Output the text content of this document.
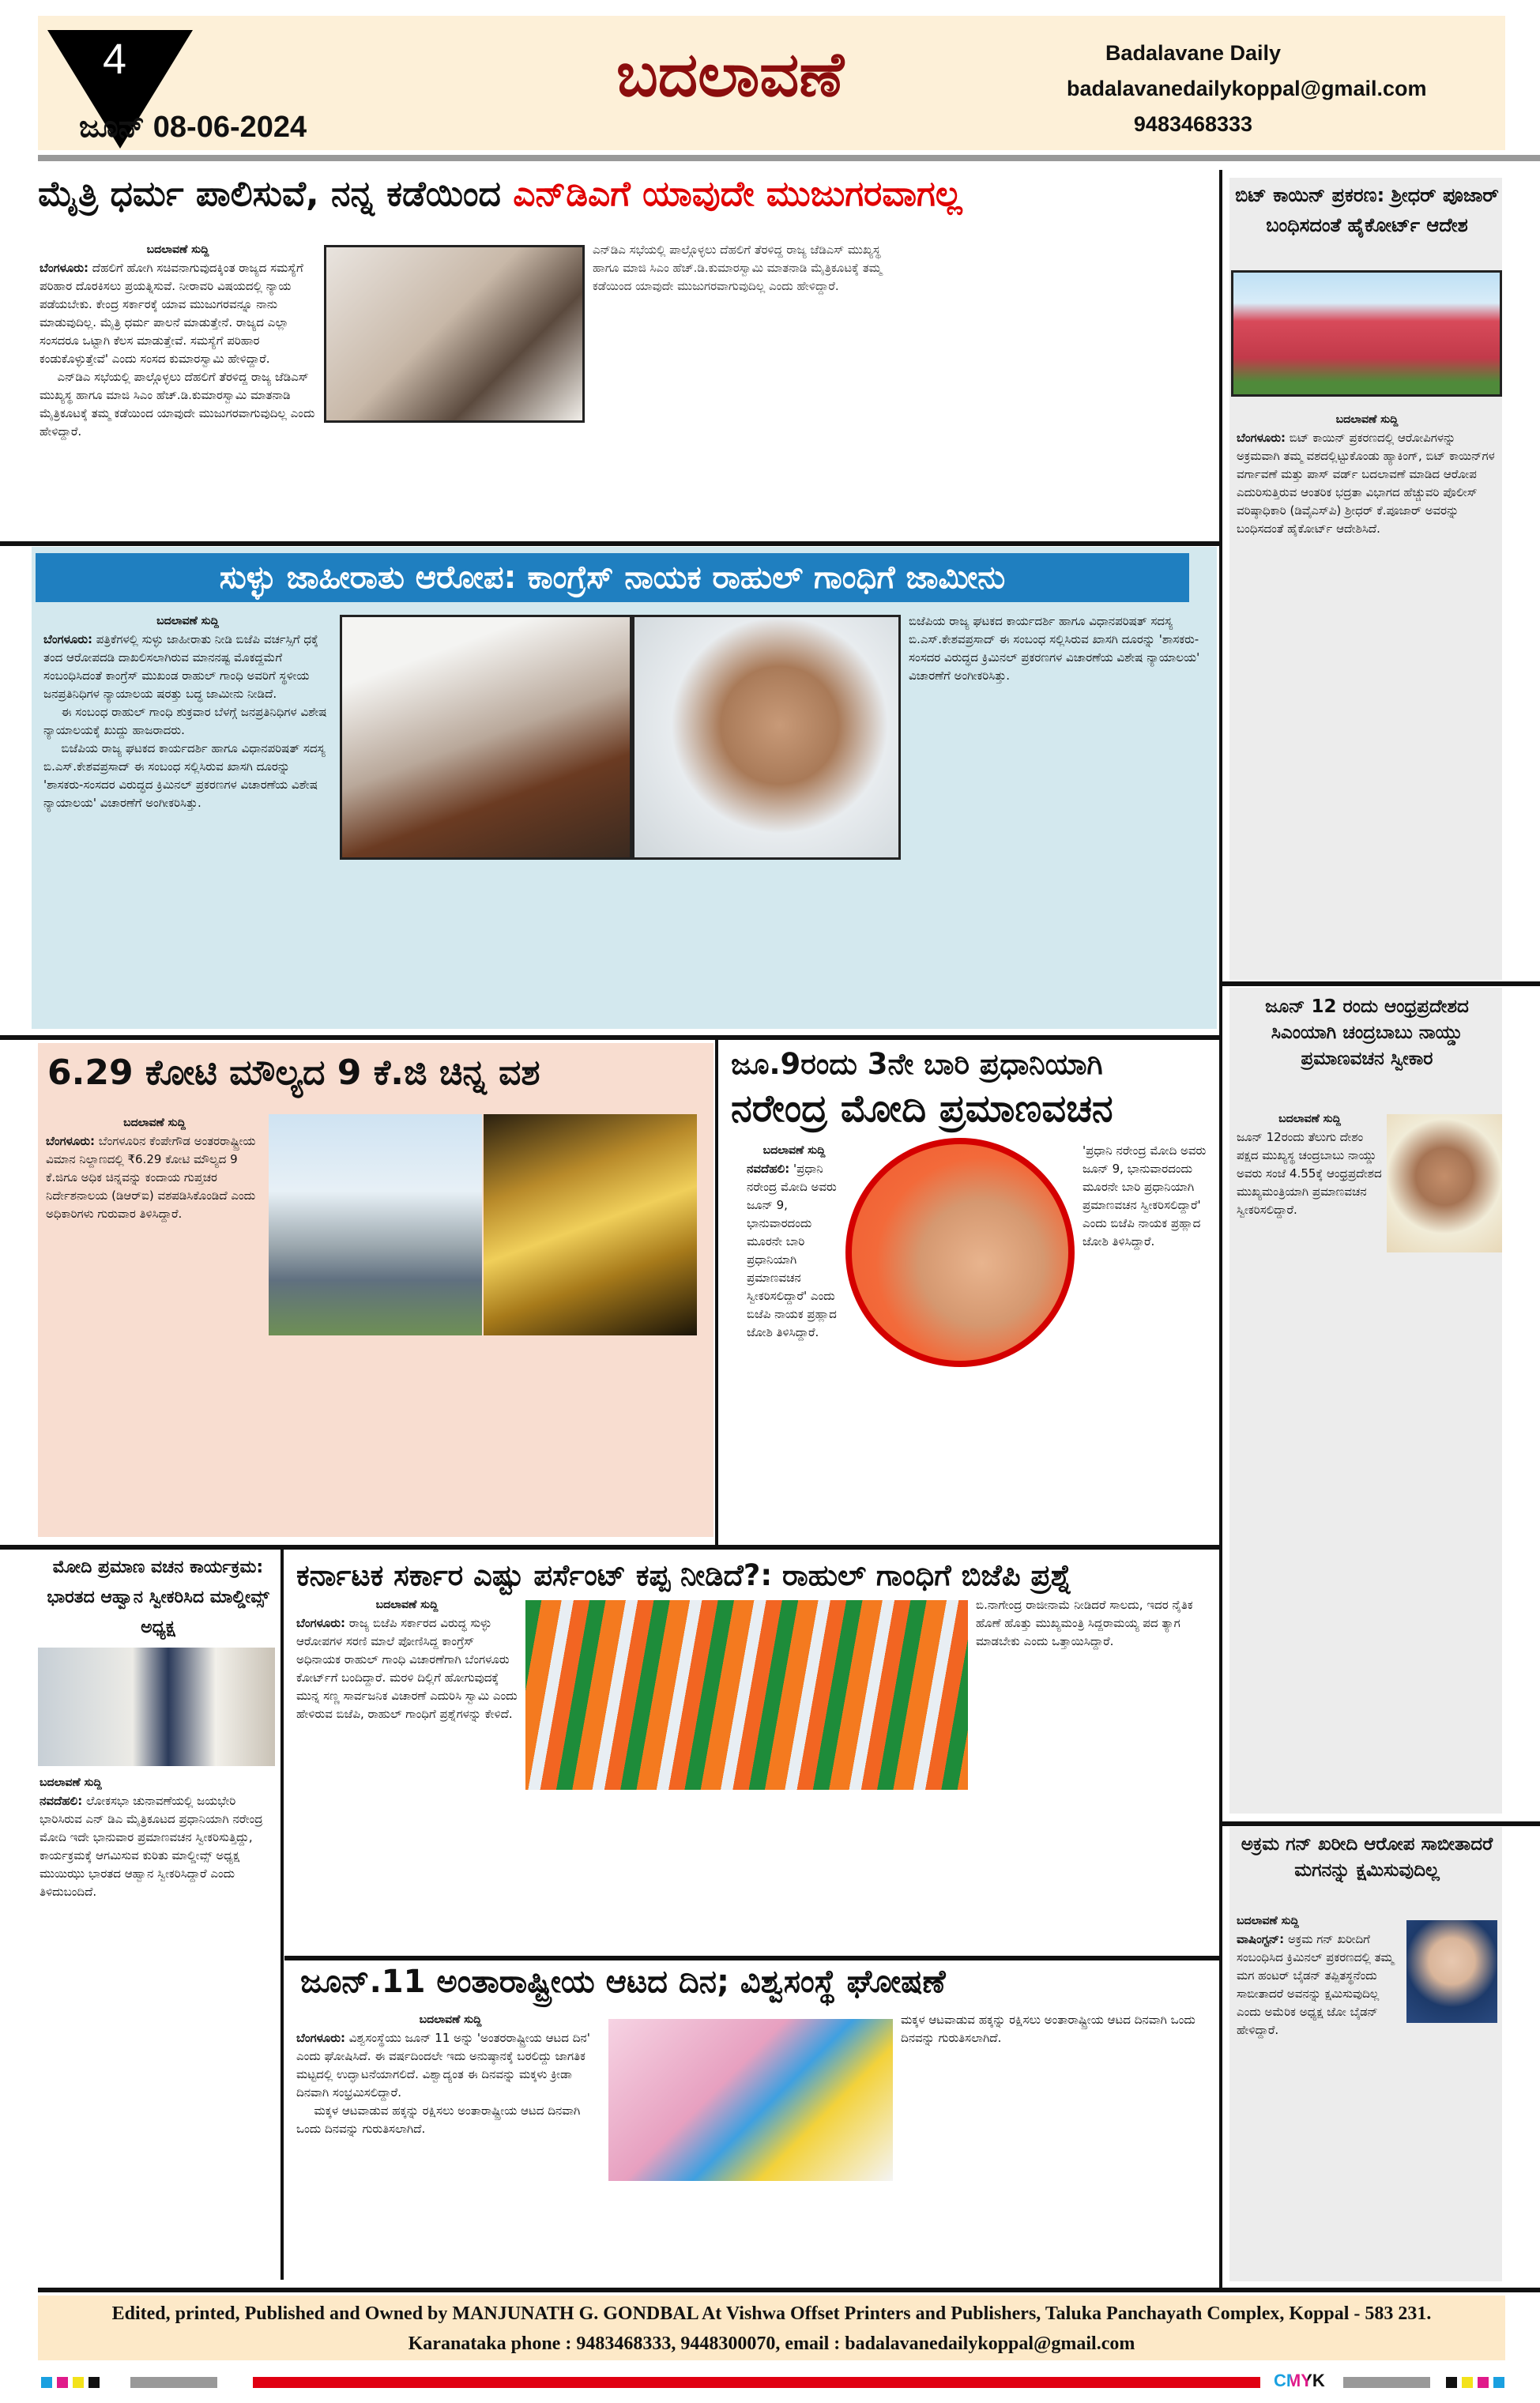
4
ಜೂನ್ 08-06-2024
ಬದಲಾವಣೆ	Badalavane Daily
badalavanedailykoppal@gmail.com
9483468333
ಮೈತ್ರಿ ಧರ್ಮ ಪಾಲಿಸುವೆ, ನನ್ನ ಕಡೆಯಿಂದ ಎನ್‌ಡಿಎಗೆ ಯಾವುದೇ ಮುಜುಗರವಾಗಲ್ಲ
ಬದಲಾವಣೆ ಸುದ್ದಿ

ಬೆಂಗಳೂರು: ದೆಹಲಿಗೆ ಹೋಗಿ ಸಚಿವನಾಗುವುದಕ್ಕಿಂತ ರಾಜ್ಯದ ಸಮಸ್ಯೆಗೆ ಪರಿಹಾರ ದೊರಕಿಸಲು ಪ್ರಯತ್ನಿಸುವೆ. ನೀರಾವರಿ ವಿಷಯದಲ್ಲಿ ನ್ಯಾಯ ಪಡೆಯಬೇಕು. ಕೇಂದ್ರ ಸರ್ಕಾರಕ್ಕೆ ಯಾವ ಮುಜುಗರವನ್ನೂ ನಾನು ಮಾಡುವುದಿಲ್ಲ. ಮೈತ್ರಿ ಧರ್ಮ ಪಾಲನೆ ಮಾಡುತ್ತೇನೆ. ರಾಜ್ಯದ ಎಲ್ಲಾ ಸಂಸದರೂ ಒಟ್ಟಾಗಿ ಕೆಲಸ ಮಾಡುತ್ತೇವೆ. ಸಮಸ್ಯೆಗೆ ಪರಿಹಾರ ಕಂಡುಕೊಳ್ಳುತ್ತೇವೆ' ಎಂದು ಸಂಸದ ಕುಮಾರಸ್ವಾಮಿ ಹೇಳಿದ್ದಾರೆ.

ಎನ್‌ಡಿಎ ಸಭೆಯಲ್ಲಿ ಪಾಲ್ಗೊಳ್ಳಲು ದೆಹಲಿಗೆ ತೆರಳಿದ್ದ ರಾಜ್ಯ ಜೆಡಿಎಸ್ ಮುಖ್ಯಸ್ಥ ಹಾಗೂ ಮಾಜಿ ಸಿಎಂ ಹೆಚ್.ಡಿ.ಕುಮಾರಸ್ವಾಮಿ ಮಾತನಾಡಿ ಮೈತ್ರಿಕೂಟಕ್ಕೆ ತಮ್ಮ ಕಡೆಯಿಂದ ಯಾವುದೇ ಮುಜುಗರವಾಗುವುದಿಲ್ಲ ಎಂದು ಹೇಳಿದ್ದಾರೆ.

ಎನ್‌ಡಿಎ ಸಭೆಯಲ್ಲಿ ಪಾಲ್ಗೊಳ್ಳಲು ದೆಹಲಿಗೆ ತೆರಳಿದ್ದ ರಾಜ್ಯ ಜೆಡಿಎಸ್ ಮುಖ್ಯಸ್ಥ ಹಾಗೂ ಮಾಜಿ ಸಿಎಂ ಹೆಚ್.ಡಿ.ಕುಮಾರಸ್ವಾಮಿ ಮಾತನಾಡಿ ಮೈತ್ರಿಕೂಟಕ್ಕೆ ತಮ್ಮ ಕಡೆಯಿಂದ ಯಾವುದೇ ಮುಜುಗರವಾಗುವುದಿಲ್ಲ ಎಂದು ಹೇಳಿದ್ದಾರೆ.

ಸುಳ್ಳು ಜಾಹೀರಾತು ಆರೋಪ: ಕಾಂಗ್ರೆಸ್ ನಾಯಕ ರಾಹುಲ್ ಗಾಂಧಿಗೆ ಜಾಮೀನು
ಬದಲಾವಣೆ ಸುದ್ದಿ

ಬೆಂಗಳೂರು: ಪತ್ರಿಕೆಗಳಲ್ಲಿ ಸುಳ್ಳು ಜಾಹೀರಾತು ನೀಡಿ ಬಿಜೆಪಿ ವರ್ಚಸ್ಸಿಗೆ ಧಕ್ಕೆ ತಂದ ಆರೋಪದಡಿ ದಾಖಲಿಸಲಾಗಿರುವ ಮಾನನಷ್ಟ ಮೊಕದ್ದಮೆಗೆ ಸಂಬಂಧಿಸಿದಂತೆ ಕಾಂಗ್ರೆಸ್ ಮುಖಂಡ ರಾಹುಲ್ ಗಾಂಧಿ ಅವರಿಗೆ ಸ್ಥಳೀಯ ಜನಪ್ರತಿನಿಧಿಗಳ ನ್ಯಾಯಾಲಯ ಷರತ್ತು ಬದ್ಧ ಜಾಮೀನು ನೀಡಿದೆ.

ಈ ಸಂಬಂಧ ರಾಹುಲ್ ಗಾಂಧಿ ಶುಕ್ರವಾರ ಬೆಳಗ್ಗೆ ಜನಪ್ರತಿನಿಧಿಗಳ ವಿಶೇಷ ನ್ಯಾಯಾಲಯಕ್ಕೆ ಖುದ್ದು ಹಾಜರಾದರು.

ಬಿಜೆಪಿಯ ರಾಜ್ಯ ಘಟಕದ ಕಾರ್ಯದರ್ಶಿ ಹಾಗೂ ವಿಧಾನಪರಿಷತ್ ಸದಸ್ಯ ಬಿ.ಎಸ್.ಕೇಶವಪ್ರಸಾದ್ ಈ ಸಂಬಂಧ ಸಲ್ಲಿಸಿರುವ ಖಾಸಗಿ ದೂರನ್ನು 'ಶಾಸಕರು-ಸಂಸದರ ವಿರುದ್ಧದ ಕ್ರಿಮಿನಲ್ ಪ್ರಕರಣಗಳ ವಿಚಾರಣೆಯ ವಿಶೇಷ ನ್ಯಾಯಾಲಯ' ವಿಚಾರಣೆಗೆ ಅಂಗೀಕರಿಸಿತ್ತು.

ಬಿಜೆಪಿಯ ರಾಜ್ಯ ಘಟಕದ ಕಾರ್ಯದರ್ಶಿ ಹಾಗೂ ವಿಧಾನಪರಿಷತ್ ಸದಸ್ಯ ಬಿ.ಎಸ್.ಕೇಶವಪ್ರಸಾದ್ ಈ ಸಂಬಂಧ ಸಲ್ಲಿಸಿರುವ ಖಾಸಗಿ ದೂರನ್ನು 'ಶಾಸಕರು-ಸಂಸದರ ವಿರುದ್ಧದ ಕ್ರಿಮಿನಲ್ ಪ್ರಕರಣಗಳ ವಿಚಾರಣೆಯ ವಿಶೇಷ ನ್ಯಾಯಾಲಯ' ವಿಚಾರಣೆಗೆ ಅಂಗೀಕರಿಸಿತ್ತು.

6.29 ಕೋಟಿ ಮೌಲ್ಯದ 9 ಕೆ.ಜಿ ಚಿನ್ನ ವಶ
ಬದಲಾವಣೆ ಸುದ್ದಿ

ಬೆಂಗಳೂರು: ಬೆಂಗಳೂರಿನ ಕೆಂಪೇಗೌಡ ಅಂತರರಾಷ್ಟ್ರೀಯ ವಿಮಾನ ನಿಲ್ದಾಣದಲ್ಲಿ ₹6.29 ಕೋಟಿ ಮೌಲ್ಯದ 9 ಕೆ.ಜಿಗೂ ಅಧಿಕ ಚಿನ್ನವನ್ನು ಕಂದಾಯ ಗುಪ್ತಚರ ನಿರ್ದೇಶನಾಲಯ (ಡಿಆರ್‌ಐ) ವಶಪಡಿಸಿಕೊಂಡಿದೆ ಎಂದು ಅಧಿಕಾರಿಗಳು ಗುರುವಾರ ತಿಳಿಸಿದ್ದಾರೆ.

ಜೂ.9ರಂದು 3ನೇ ಬಾರಿ ಪ್ರಧಾನಿಯಾಗಿ
ನರೇಂದ್ರ ಮೋದಿ ಪ್ರಮಾಣವಚನ
ಬದಲಾವಣೆ ಸುದ್ದಿ

ನವದೆಹಲಿ: 'ಪ್ರಧಾನಿ ನರೇಂದ್ರ ಮೋದಿ ಅವರು ಜೂನ್ 9, ಭಾನುವಾರದಂದು ಮೂರನೇ ಬಾರಿ ಪ್ರಧಾನಿಯಾಗಿ ಪ್ರಮಾಣವಚನ ಸ್ವೀಕರಿಸಲಿದ್ದಾರೆ' ಎಂದು ಬಿಜೆಪಿ ನಾಯಕ ಪ್ರಹ್ಲಾದ ಜೋಶಿ ತಿಳಿಸಿದ್ದಾರೆ.

'ಪ್ರಧಾನಿ ನರೇಂದ್ರ ಮೋದಿ ಅವರು ಜೂನ್ 9, ಭಾನುವಾರದಂದು ಮೂರನೇ ಬಾರಿ ಪ್ರಧಾನಿಯಾಗಿ ಪ್ರಮಾಣವಚನ ಸ್ವೀಕರಿಸಲಿದ್ದಾರೆ' ಎಂದು ಬಿಜೆಪಿ ನಾಯಕ ಪ್ರಹ್ಲಾದ ಜೋಶಿ ತಿಳಿಸಿದ್ದಾರೆ.

ಮೋದಿ ಪ್ರಮಾಣ ವಚನ ಕಾರ್ಯಕ್ರಮ: ಭಾರತದ ಆಹ್ವಾನ ಸ್ವೀಕರಿಸಿದ ಮಾಲ್ಡೀವ್ಸ್ ಅಧ್ಯಕ್ಷ
ಬದಲಾವಣೆ ಸುದ್ದಿ

ನವದೆಹಲಿ: ಲೋಕಸಭಾ ಚುನಾವಣೆಯಲ್ಲಿ ಜಯಭೇರಿ ಭಾರಿಸಿರುವ ಎನ್ ಡಿಎ ಮೈತ್ರಿಕೂಟದ ಪ್ರಧಾನಿಯಾಗಿ ನರೇಂದ್ರ ಮೋದಿ ಇದೇ ಭಾನುವಾರ ಪ್ರಮಾಣವಚನ ಸ್ವೀಕರಿಸುತ್ತಿದ್ದು, ಕಾರ್ಯಕ್ರಮಕ್ಕೆ ಆಗಮಿಸುವ ಕುರಿತು ಮಾಲ್ಡೀವ್ಸ್ ಅಧ್ಯಕ್ಷ ಮುಯಿಝು ಭಾರತದ ಆಹ್ವಾನ ಸ್ವೀಕರಿಸಿದ್ದಾರೆ ಎಂದು ತಿಳಿದುಬಂದಿದೆ.

ಕರ್ನಾಟಕ ಸರ್ಕಾರ ಎಷ್ಟು ಪರ್ಸೆಂಟ್ ಕಪ್ಪ ನೀಡಿದೆ?: ರಾಹುಲ್ ಗಾಂಧಿಗೆ ಬಿಜೆಪಿ ಪ್ರಶ್ನೆ
ಬದಲಾವಣೆ ಸುದ್ದಿ

ಬೆಂಗಳೂರು: ರಾಜ್ಯ ಬಿಜೆಪಿ ಸರ್ಕಾರದ ವಿರುದ್ಧ ಸುಳ್ಳು ಆರೋಪಗಳ ಸರಣಿ ಮಾಲೆ ಪೋಣಿಸಿದ್ದ ಕಾಂಗ್ರೆಸ್ ಅಧಿನಾಯಕ ರಾಹುಲ್ ಗಾಂಧಿ ವಿಚಾರಣೆಗಾಗಿ ಬೆಂಗಳೂರು ಕೋರ್ಟ್‌ಗೆ ಬಂದಿದ್ದಾರೆ. ಮರಳಿ ದಿಲ್ಲಿಗೆ ಹೋಗುವುದಕ್ಕೆ ಮುನ್ನ ಸಣ್ಣ ಸಾರ್ವಜನಿಕ ವಿಚಾರಣೆ ಎದುರಿಸಿ ಸ್ವಾಮಿ ಎಂದು ಹೇಳಿರುವ ಬಿಜೆಪಿ, ರಾಹುಲ್ ಗಾಂಧಿಗೆ ಪ್ರಶ್ನೆಗಳನ್ನು ಕೇಳಿದೆ.

ಬಿ.ನಾಗೇಂದ್ರ ರಾಜೀನಾಮೆ ನೀಡಿದರೆ ಸಾಲದು, ಇದರ ನೈತಿಕ ಹೊಣೆ ಹೊತ್ತು ಮುಖ್ಯಮಂತ್ರಿ ಸಿದ್ದರಾಮಯ್ಯ ಪದ ತ್ಯಾಗ ಮಾಡಬೇಕು ಎಂದು ಒತ್ತಾಯಿಸಿದ್ದಾರೆ.

ಜೂನ್.11 ಅಂತಾರಾಷ್ಟ್ರೀಯ ಆಟದ ದಿನ; ವಿಶ್ವಸಂಸ್ಥೆ ಘೋಷಣೆ
ಬದಲಾವಣೆ ಸುದ್ದಿ

ಬೆಂಗಳೂರು: ವಿಶ್ವಸಂಸ್ಥೆಯು ಜೂನ್ 11 ಅನ್ನು 'ಅಂತರರಾಷ್ಟ್ರೀಯ ಆಟದ ದಿನ' ಎಂದು ಘೋಷಿಸಿದೆ. ಈ ವರ್ಷದಿಂದಲೇ ಇದು ಅನುಷ್ಠಾನಕ್ಕೆ ಬರಲಿದ್ದು ಜಾಗತಿಕ ಮಟ್ಟದಲ್ಲಿ ಉದ್ಘಾಟನೆಯಾಗಲಿದೆ. ವಿಶ್ವಾದ್ಯಂತ ಈ ದಿನವನ್ನು ಮಕ್ಕಳು ಕ್ರೀಡಾ ದಿನವಾಗಿ ಸಂಭ್ರಮಿಸಲಿದ್ದಾರೆ.

ಮಕ್ಕಳ ಆಟವಾಡುವ ಹಕ್ಕನ್ನು ರಕ್ಷಿಸಲು ಅಂತಾರಾಷ್ಟ್ರೀಯ ಆಟದ ದಿನವಾಗಿ ಒಂದು ದಿನವನ್ನು ಗುರುತಿಸಲಾಗಿದೆ.

ಮಕ್ಕಳ ಆಟವಾಡುವ ಹಕ್ಕನ್ನು ರಕ್ಷಿಸಲು ಅಂತಾರಾಷ್ಟ್ರೀಯ ಆಟದ ದಿನವಾಗಿ ಒಂದು ದಿನವನ್ನು ಗುರುತಿಸಲಾಗಿದೆ.

ಬಿಟ್ ಕಾಯಿನ್ ಪ್ರಕರಣ: ಶ್ರೀಧರ್ ಪೂಜಾರ್ ಬಂಧಿಸದಂತೆ ಹೈಕೋರ್ಟ್ ಆದೇಶ
ಬದಲಾವಣೆ ಸುದ್ದಿ

ಬೆಂಗಳೂರು: ಬಿಟ್ ಕಾಯಿನ್ ಪ್ರಕರಣದಲ್ಲಿ ಆರೋಪಿಗಳನ್ನು ಅಕ್ರಮವಾಗಿ ತಮ್ಮ ವಶದಲ್ಲಿಟ್ಟುಕೊಂಡು ಹ್ಯಾಕಿಂಗ್, ಬಿಟ್ ಕಾಯಿನ್‌ಗಳ ವರ್ಗಾವಣೆ ಮತ್ತು ಪಾಸ್ ವರ್ಡ್ ಬದಲಾವಣೆ ಮಾಡಿದ ಆರೋಪ ಎದುರಿಸುತ್ತಿರುವ ಆಂತರಿಕ ಭದ್ರತಾ ವಿಭಾಗದ ಹೆಚ್ಚುವರಿ ಪೊಲೀಸ್ ವರಿಷ್ಠಾಧಿಕಾರಿ (ಡಿವೈಎಸ್‌ಪಿ) ಶ್ರೀಧರ್ ಕೆ.ಪೂಜಾರ್ ಅವರನ್ನು ಬಂಧಿಸದಂತೆ ಹೈಕೋರ್ಟ್ ಆದೇಶಿಸಿದೆ.

ಜೂನ್ 12 ರಂದು ಆಂಧ್ರಪ್ರದೇಶದ ಸಿಎಂಯಾಗಿ ಚಂದ್ರಬಾಬು ನಾಯ್ಡು ಪ್ರಮಾಣವಚನ ಸ್ವೀಕಾರ
ಬದಲಾವಣೆ ಸುದ್ದಿ

ಜೂನ್ 12ರಂದು ತೆಲುಗು ದೇಶಂ ಪಕ್ಷದ ಮುಖ್ಯಸ್ಥ ಚಂದ್ರಬಾಬು ನಾಯ್ಡು ಅವರು ಸಂಜೆ 4.55ಕ್ಕೆ ಆಂಧ್ರಪ್ರದೇಶದ ಮುಖ್ಯಮಂತ್ರಿಯಾಗಿ ಪ್ರಮಾಣವಚನ ಸ್ವೀಕರಿಸಲಿದ್ದಾರೆ.

ಅಕ್ರಮ ಗನ್ ಖರೀದಿ ಆರೋಪ ಸಾಬೀತಾದರೆ ಮಗನನ್ನು ಕ್ಷಮಿಸುವುದಿಲ್ಲ
ಬದಲಾವಣೆ ಸುದ್ದಿ

ವಾಷಿಂಗ್ಟನ್: ಅಕ್ರಮ ಗನ್ ಖರೀದಿಗೆ ಸಂಬಂಧಿಸಿದ ಕ್ರಿಮಿನಲ್ ಪ್ರಕರಣದಲ್ಲಿ ತಮ್ಮ ಮಗ ಹಂಟರ್ ಬೈಡನ್ ತಪ್ಪಿತಸ್ಥನೆಂದು ಸಾಬೀತಾದರೆ ಅವನನ್ನು ಕ್ಷಮಿಸುವುದಿಲ್ಲ ಎಂದು ಅಮೆರಿಕ ಅಧ್ಯಕ್ಷ ಜೋ ಬೈಡನ್ ಹೇಳಿದ್ದಾರೆ.

Edited, printed, Published and Owned by MANJUNATH G. GONDBAL At Vishwa Offset Printers and Publishers, Taluka Panchayath Complex, Koppal - 583 231.
Karanataka phone : 9483468333, 9448300070, email : badalavanedailykoppal@gmail.com
CMYK
